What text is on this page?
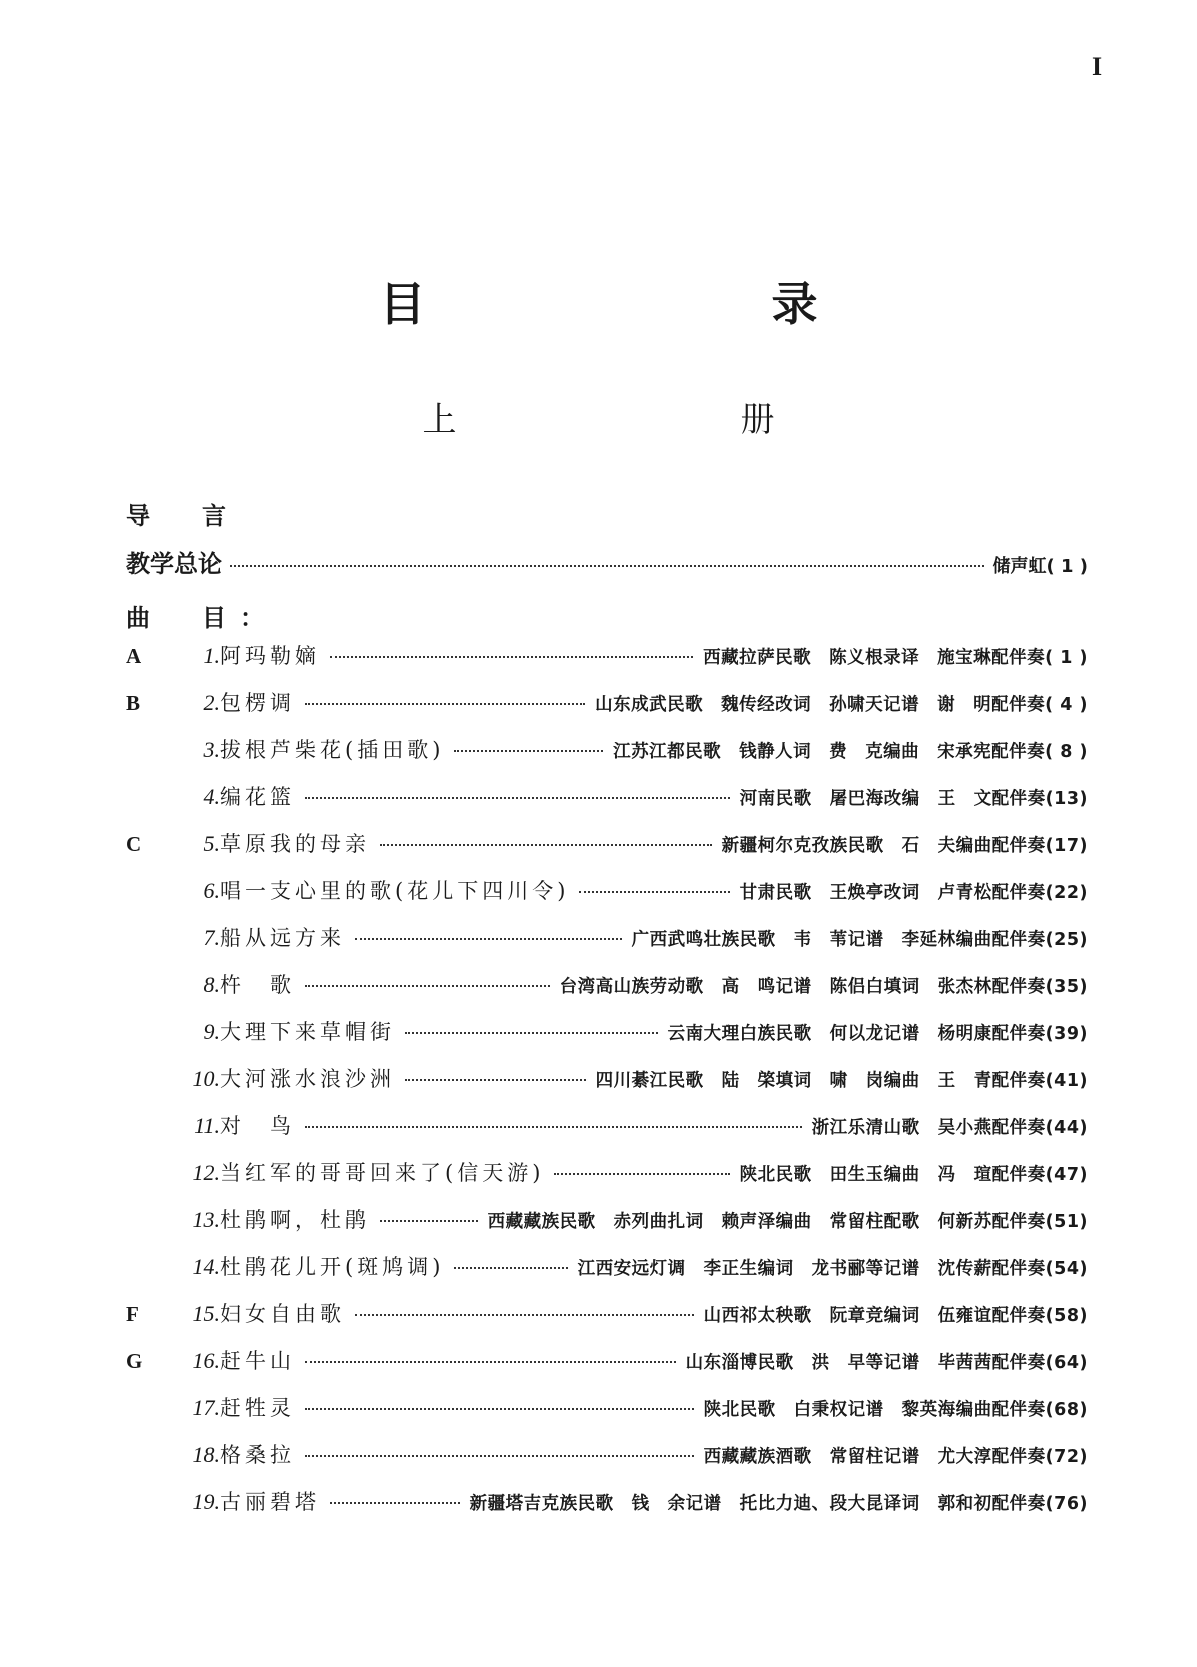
I
目　录
上　册
导　言
教学总论	储声虹( 1 )
曲　目：
A	1. 阿玛勒嫡	西藏拉萨民歌　陈义根录译　施宝琳配伴奏( 1 )
B	2. 包楞调	山东成武民歌　魏传经改词　孙啸天记谱　谢　明配伴奏( 4 )
3. 拔根芦柴花(插田歌)	江苏江都民歌　钱静人词　费　克编曲　宋承宪配伴奏( 8 )
4. 编花篮	河南民歌　屠巴海改编　王　文配伴奏(13)
C	5. 草原我的母亲	新疆柯尔克孜族民歌　石　夫编曲配伴奏(17)
6. 唱一支心里的歌(花儿下四川令)	甘肃民歌　王焕亭改词　卢青松配伴奏(22)
7. 船从远方来	广西武鸣壮族民歌　韦　苇记谱　李延林编曲配伴奏(25)
8. 杵　歌	台湾高山族劳动歌　高　鸣记谱　陈侣白填词　张杰林配伴奏(35)
9. 大理下来草帽街	云南大理白族民歌　何以龙记谱　杨明康配伴奏(39)
10. 大河涨水浪沙洲	四川綦江民歌　陆　棨填词　啸　岗编曲　王　青配伴奏(41)
11. 对　鸟	浙江乐清山歌　吴小燕配伴奏(44)
12. 当红军的哥哥回来了(信天游)	陕北民歌　田生玉编曲　冯　瑄配伴奏(47)
13. 杜鹃啊，杜鹃	西藏藏族民歌　赤列曲扎词　赖声泽编曲　常留柱配歌　何新苏配伴奏(51)
14. 杜鹃花儿开(斑鸠调)	江西安远灯调　李正生编词　龙书郦等记谱　沈传薪配伴奏(54)
F	15. 妇女自由歌	山西祁太秧歌　阮章竞编词　伍雍谊配伴奏(58)
G	16. 赶牛山	山东淄博民歌　洪　早等记谱　毕茜茜配伴奏(64)
17. 赶牲灵	陕北民歌　白秉权记谱　黎英海编曲配伴奏(68)
18. 格桑拉	西藏藏族酒歌　常留柱记谱　尤大淳配伴奏(72)
19. 古丽碧塔	新疆塔吉克族民歌　钱　余记谱　托比力迪、段大昆译词　郭和初配伴奏(76)
